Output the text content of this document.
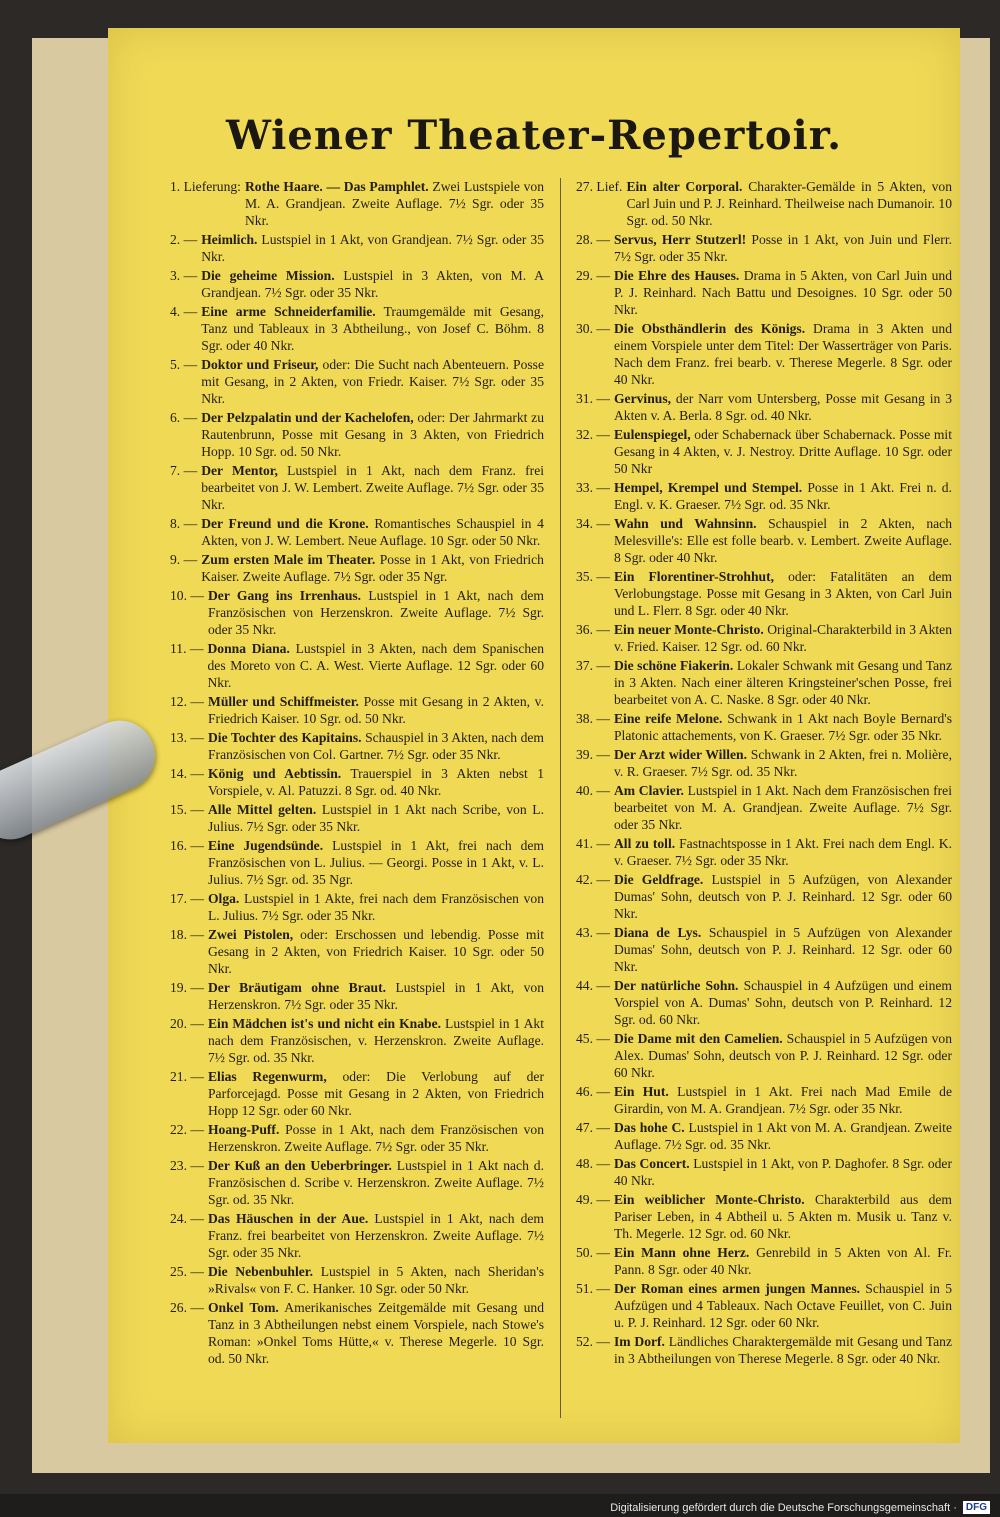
Wiener Theater-Repertoir.
1. Lieferung: Rothe Haare. — Das Pamphlet. Zwei Lustspiele von M. A. Grandjean. Zweite Auflage. 7½ Sgr. oder 35 Nkr.
2. — Heimlich. Lustspiel in 1 Akt, von Grandjean. 7½ Sgr. oder 35 Nkr.
3. — Die geheime Mission. Lustspiel in 3 Akten, von M. A Grandjean. 7½ Sgr. oder 35 Nkr.
4. — Eine arme Schneiderfamilie. Traumgemälde mit Gesang, Tanz und Tableaux in 3 Abtheilung., von Josef C. Böhm. 8 Sgr. oder 40 Nkr.
5. — Doktor und Friseur, oder: Die Sucht nach Abenteuern. Posse mit Gesang, in 2 Akten, von Friedr. Kaiser. 7½ Sgr. oder 35 Nkr.
6. — Der Pelzpalatin und der Kachelofen, oder: Der Jahrmarkt zu Rautenbrunn, Posse mit Gesang in 3 Akten, von Friedrich Hopp. 10 Sgr. od. 50 Nkr.
7. — Der Mentor, Lustspiel in 1 Akt, nach dem Franz. frei bearbeitet von J. W. Lembert. Zweite Auflage. 7½ Sgr. oder 35 Nkr.
8. — Der Freund und die Krone. Romantisches Schauspiel in 4 Akten, von J. W. Lembert. Neue Auflage. 10 Sgr. oder 50 Nkr.
9. — Zum ersten Male im Theater. Posse in 1 Akt, von Friedrich Kaiser. Zweite Auflage. 7½ Sgr. oder 35 Ngr.
10. — Der Gang ins Irrenhaus. Lustspiel in 1 Akt, nach dem Französischen von Herzenskron. Zweite Auflage. 7½ Sgr. oder 35 Nkr.
11. — Donna Diana. Lustspiel in 3 Akten, nach dem Spanischen des Moreto von C. A. West. Vierte Auflage. 12 Sgr. oder 60 Nkr.
12. — Müller und Schiffmeister. Posse mit Gesang in 2 Akten, v. Friedrich Kaiser. 10 Sgr. od. 50 Nkr.
13. — Die Tochter des Kapitains. Schauspiel in 3 Akten, nach dem Französischen von Col. Gartner. 7½ Sgr. oder 35 Nkr.
14. — König und Aebtissin. Trauerspiel in 3 Akten nebst 1 Vorspiele, v. Al. Patuzzi. 8 Sgr. od. 40 Nkr.
15. — Alle Mittel gelten. Lustspiel in 1 Akt nach Scribe, von L. Julius. 7½ Sgr. oder 35 Nkr.
16. — Eine Jugendsünde. Lustspiel in 1 Akt, frei nach dem Französischen von L. Julius. — Georgi. Posse in 1 Akt, v. L. Julius. 7½ Sgr. od. 35 Ngr.
17. — Olga. Lustspiel in 1 Akte, frei nach dem Französischen von L. Julius. 7½ Sgr. oder 35 Nkr.
18. — Zwei Pistolen, oder: Erschossen und lebendig. Posse mit Gesang in 2 Akten, von Friedrich Kaiser. 10 Sgr. oder 50 Nkr.
19. — Der Bräutigam ohne Braut. Lustspiel in 1 Akt, von Herzenskron. 7½ Sgr. oder 35 Nkr.
20. — Ein Mädchen ist's und nicht ein Knabe. Lustspiel in 1 Akt nach dem Französischen, v. Herzenskron. Zweite Auflage. 7½ Sgr. od. 35 Nkr.
21. — Elias Regenwurm, oder: Die Verlobung auf der Parforcejagd. Posse mit Gesang in 2 Akten, von Friedrich Hopp 12 Sgr. oder 60 Nkr.
22. — Hoang-Puff. Posse in 1 Akt, nach dem Französischen von Herzenskron. Zweite Auflage. 7½ Sgr. oder 35 Nkr.
23. — Der Kuß an den Ueberbringer. Lustspiel in 1 Akt nach d. Französischen d. Scribe v. Herzenskron. Zweite Auflage. 7½ Sgr. od. 35 Nkr.
24. — Das Häuschen in der Aue. Lustspiel in 1 Akt, nach dem Franz. frei bearbeitet von Herzenskron. Zweite Auflage. 7½ Sgr. oder 35 Nkr.
25. — Die Nebenbuhler. Lustspiel in 5 Akten, nach Sheridan's »Rivals« von F. C. Hanker. 10 Sgr. oder 50 Nkr.
26. — Onkel Tom. Amerikanisches Zeitgemälde mit Gesang und Tanz in 3 Abtheilungen nebst einem Vorspiele, nach Stowe's Roman: »Onkel Toms Hütte,« v. Therese Megerle. 10 Sgr. od. 50 Nkr.
27. Lief. Ein alter Corporal. Charakter-Gemälde in 5 Akten, von Carl Juin und P. J. Reinhard. Theilweise nach Dumanoir. 10 Sgr. od. 50 Nkr.
28. — Servus, Herr Stutzerl! Posse in 1 Akt, von Juin und Flerr. 7½ Sgr. oder 35 Nkr.
29. — Die Ehre des Hauses. Drama in 5 Akten, von Carl Juin und P. J. Reinhard. Nach Battu und Desoignes. 10 Sgr. oder 50 Nkr.
30. — Die Obsthändlerin des Königs. Drama in 3 Akten und einem Vorspiele unter dem Titel: Der Wasserträger von Paris. Nach dem Franz. frei bearb. v. Therese Megerle. 8 Sgr. oder 40 Nkr.
31. — Gervinus, der Narr vom Untersberg, Posse mit Gesang in 3 Akten v. A. Berla. 8 Sgr. od. 40 Nkr.
32. — Eulenspiegel, oder Schabernack über Schabernack. Posse mit Gesang in 4 Akten, v. J. Nestroy. Dritte Auflage. 10 Sgr. oder 50 Nkr
33. — Hempel, Krempel und Stempel. Posse in 1 Akt. Frei n. d. Engl. v. K. Graeser. 7½ Sgr. od. 35 Nkr.
34. — Wahn und Wahnsinn. Schauspiel in 2 Akten, nach Melesville's: Elle est folle bearb. v. Lembert. Zweite Auflage. 8 Sgr. oder 40 Nkr.
35. — Ein Florentiner-Strohhut, oder: Fatalitäten an dem Verlobungstage. Posse mit Gesang in 3 Akten, von Carl Juin und L. Flerr. 8 Sgr. oder 40 Nkr.
36. — Ein neuer Monte-Christo. Original-Charakterbild in 3 Akten v. Fried. Kaiser. 12 Sgr. od. 60 Nkr.
37. — Die schöne Fiakerin. Lokaler Schwank mit Gesang und Tanz in 3 Akten. Nach einer älteren Kringsteiner'schen Posse, frei bearbeitet von A. C. Naske. 8 Sgr. oder 40 Nkr.
38. — Eine reife Melone. Schwank in 1 Akt nach Boyle Bernard's Platonic attachements, von K. Graeser. 7½ Sgr. oder 35 Nkr.
39. — Der Arzt wider Willen. Schwank in 2 Akten, frei n. Molière, v. R. Graeser. 7½ Sgr. od. 35 Nkr.
40. — Am Clavier. Lustspiel in 1 Akt. Nach dem Französischen frei bearbeitet von M. A. Grandjean. Zweite Auflage. 7½ Sgr. oder 35 Nkr.
41. — All zu toll. Fastnachtsposse in 1 Akt. Frei nach dem Engl. K. v. Graeser. 7½ Sgr. oder 35 Nkr.
42. — Die Geldfrage. Lustspiel in 5 Aufzügen, von Alexander Dumas' Sohn, deutsch von P. J. Reinhard. 12 Sgr. oder 60 Nkr.
43. — Diana de Lys. Schauspiel in 5 Aufzügen von Alexander Dumas' Sohn, deutsch von P. J. Reinhard. 12 Sgr. oder 60 Nkr.
44. — Der natürliche Sohn. Schauspiel in 4 Aufzügen und einem Vorspiel von A. Dumas' Sohn, deutsch von P. Reinhard. 12 Sgr. od. 60 Nkr.
45. — Die Dame mit den Camelien. Schauspiel in 5 Aufzügen von Alex. Dumas' Sohn, deutsch von P. J. Reinhard. 12 Sgr. oder 60 Nkr.
46. — Ein Hut. Lustspiel in 1 Akt. Frei nach Mad Emile de Girardin, von M. A. Grandjean. 7½ Sgr. oder 35 Nkr.
47. — Das hohe C. Lustspiel in 1 Akt von M. A. Grandjean. Zweite Auflage. 7½ Sgr. od. 35 Nkr.
48. — Das Concert. Lustspiel in 1 Akt, von P. Daghofer. 8 Sgr. oder 40 Nkr.
49. — Ein weiblicher Monte-Christo. Charakterbild aus dem Pariser Leben, in 4 Abtheil u. 5 Akten m. Musik u. Tanz v. Th. Megerle. 12 Sgr. od. 60 Nkr.
50. — Ein Mann ohne Herz. Genrebild in 5 Akten von Al. Fr. Pann. 8 Sgr. oder 40 Nkr.
51. — Der Roman eines armen jungen Mannes. Schauspiel in 5 Aufzügen und 4 Tableaux. Nach Octave Feuillet, von C. Juin u. P. J. Reinhard. 12 Sgr. oder 60 Nkr.
52. — Im Dorf. Ländliches Charaktergemälde mit Gesang und Tanz in 3 Abtheilungen von Therese Megerle. 8 Sgr. oder 40 Nkr.
Digitalisierung gefördert durch die Deutsche Forschungsgemeinschaft · DFG
